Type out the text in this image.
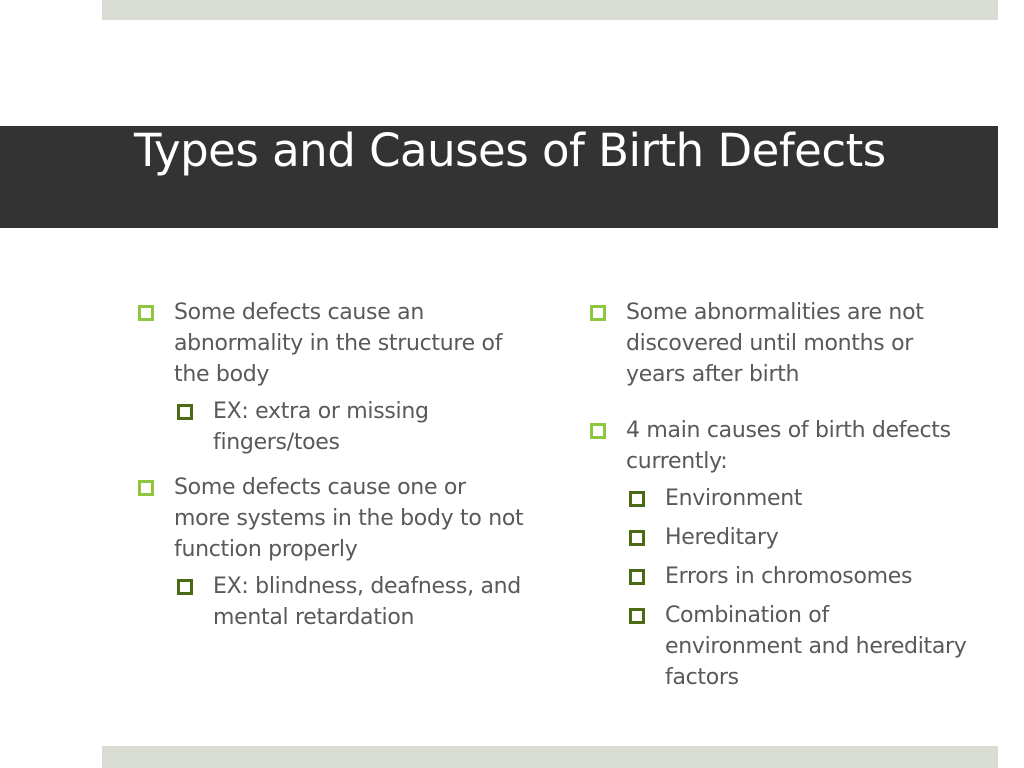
Types and Causes of Birth Defects
Some defects cause an abnormality in the structure of the body
EX: extra or missing fingers/toes
Some defects cause one or more systems in the body to not function properly
EX: blindness, deafness, and mental retardation
Some abnormalities are not discovered until months or years after birth
4 main causes of birth defects currently:
Environment
Hereditary
Errors in chromosomes
Combination of environment and hereditary factors
